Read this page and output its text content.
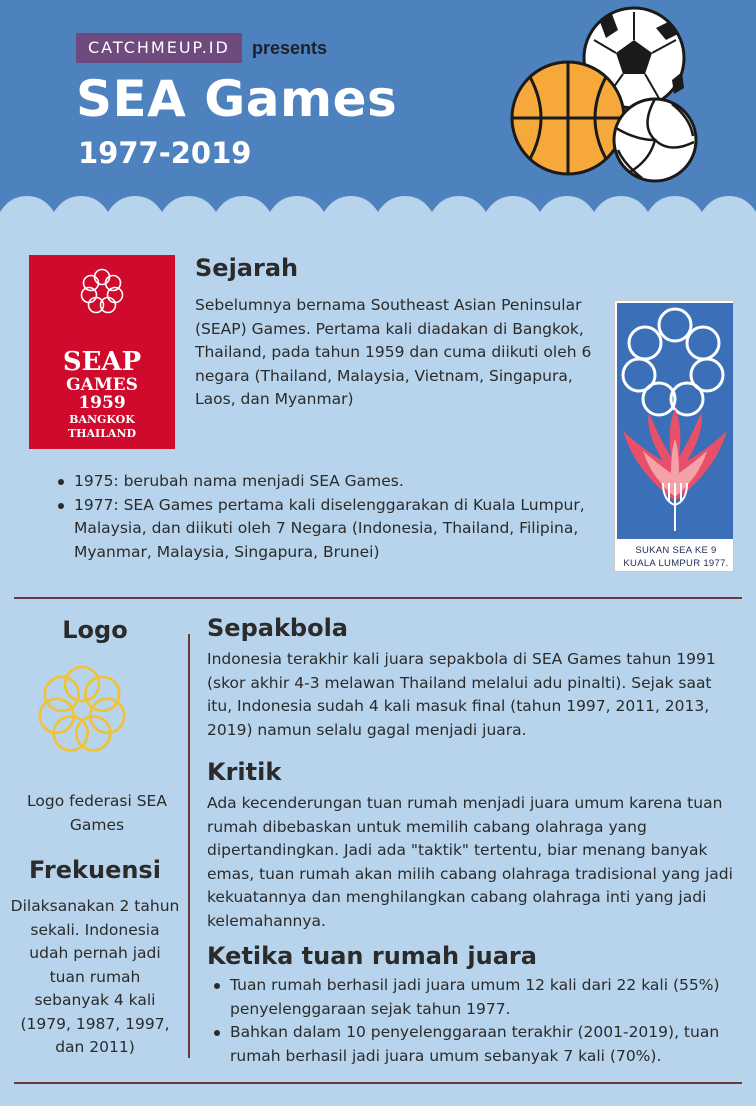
CATCHMEUP.ID	presents
SEA Games
1977-2019
SEAP
GAMES
1959
BANGKOK
THAILAND
Sejarah
Sebelumnya bernama Southeast Asian Peninsular (SEAP) Games. Pertama kali diadakan di Bangkok, Thailand, pada tahun 1959 dan cuma diikuti oleh 6 negara (Thailand, Malaysia, Vietnam, Singapura, Laos, dan Myanmar)
1975: berubah nama menjadi SEA Games.
1977: SEA Games pertama kali diselenggarakan di Kuala Lumpur, Malaysia, dan diikuti oleh 7 Negara (Indonesia, Thailand, Filipina, Myanmar, Malaysia, Singapura, Brunei)	SUKAN SEA KE 9
KUALA LUMPUR 1977.
Logo
Logo federasi SEA Games
Frekuensi
Dilaksanakan 2 tahun sekali. Indonesia udah pernah jadi tuan rumah sebanyak 4 kali (1979, 1987, 1997, dan 2011)
Sepakbola
Indonesia terakhir kali juara sepakbola di SEA Games tahun 1991 (skor akhir 4-3 melawan Thailand melalui adu pinalti). Sejak saat itu, Indonesia sudah 4 kali masuk final (tahun 1997, 2011, 2013, 2019) namun selalu gagal menjadi juara.
Kritik
Ada kecenderungan tuan rumah menjadi juara umum karena tuan rumah dibebaskan untuk memilih cabang olahraga yang dipertandingkan. Jadi ada "taktik" tertentu, biar menang banyak emas, tuan rumah akan milih cabang olahraga tradisional yang jadi kekuatannya dan menghilangkan cabang olahraga inti yang jadi kelemahannya.
Ketika tuan rumah juara
Tuan rumah berhasil jadi juara umum 12 kali dari 22 kali (55%) penyelenggaraan sejak tahun 1977.
Bahkan dalam 10 penyelenggaraan terakhir (2001-2019), tuan rumah berhasil jadi juara umum sebanyak 7 kali (70%).
